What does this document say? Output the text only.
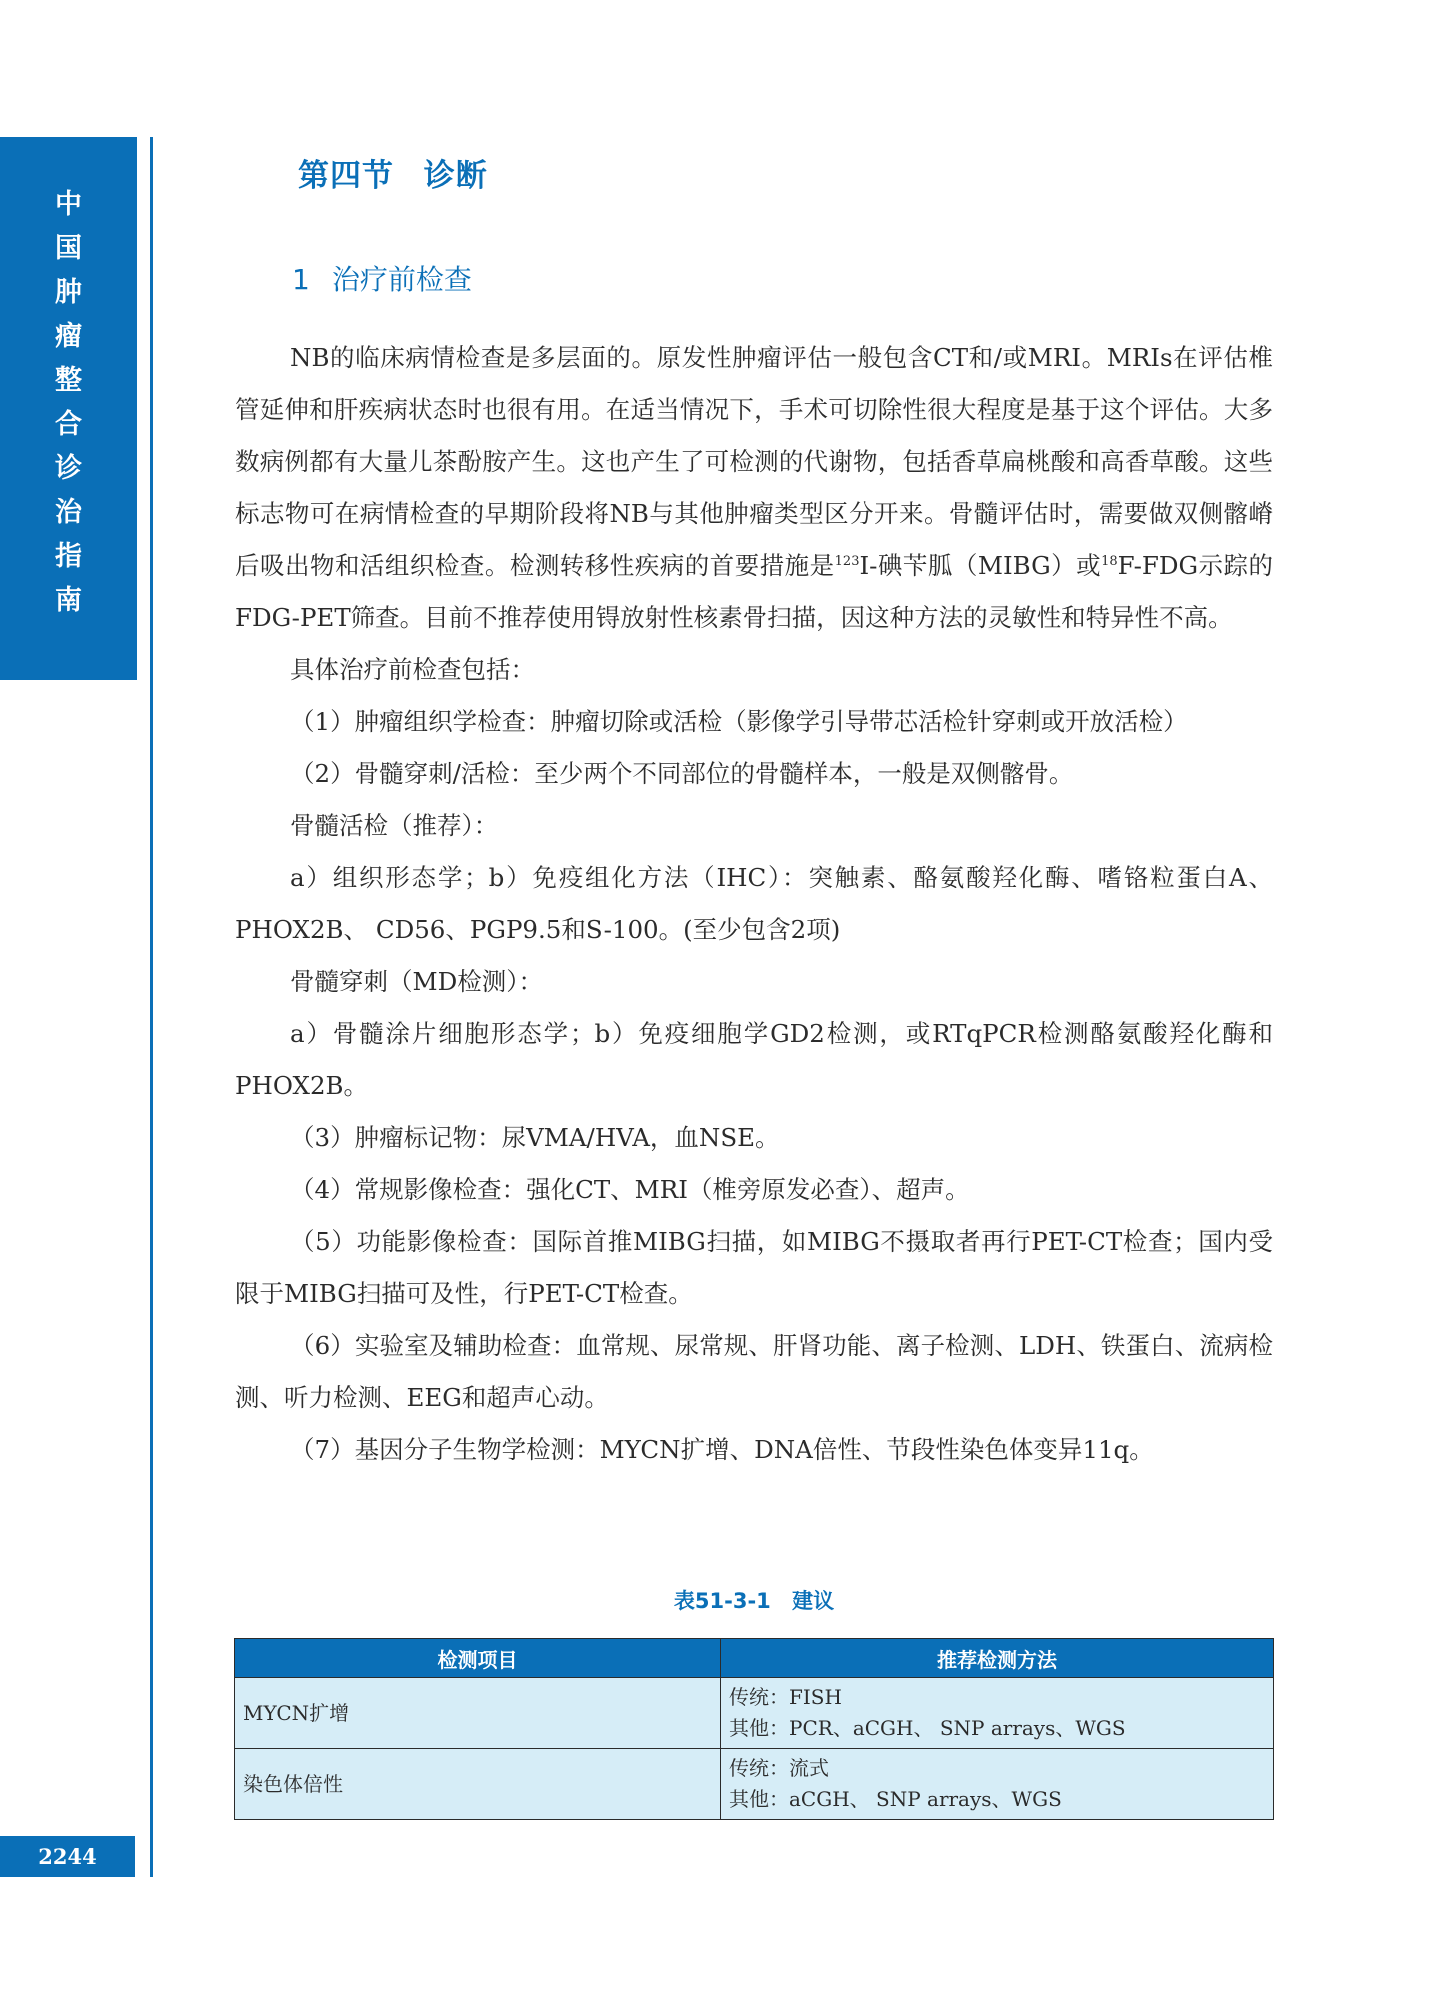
中
国
肿
瘤
整
合
诊
治
指
南
2244
第四节 诊断
1 治疗前检查

NB的临床病情检查是多层面的。原发性肿瘤评估一般包含CT和/或MRI。MRIs在评估椎管延伸和肝疾病状态时也很有用。在适当情况下，手术可切除性很大程度是基于这个评估。大多数病例都有大量儿茶酚胺产生。这也产生了可检测的代谢物，包括香草扁桃酸和高香草酸。这些标志物可在病情检查的早期阶段将NB与其他肿瘤类型区分开来。骨髓评估时，需要做双侧髂嵴后吸出物和活组织检查。检测转移性疾病的首要措施是$^{123}$I-碘苄胍（MIBG）或$^{18}$F-FDG示踪的FDG-PET筛查。目前不推荐使用锝放射性核素骨扫描，因这种方法的灵敏性和特异性不高。

具体治疗前检查包括：

（1）肿瘤组织学检查：肿瘤切除或活检（影像学引导带芯活检针穿刺或开放活检）

（2）骨髓穿刺/活检：至少两个不同部位的骨髓样本，一般是双侧髂骨。

骨髓活检（推荐）：

a）组织形态学；b）免疫组化方法（IHC）：突触素、酪氨酸羟化酶、嗜铬粒蛋白A、PHOX2B、 CD56、PGP9.5和S-100。(至少包含2项)

骨髓穿刺（MD检测）：

a）骨髓涂片细胞形态学；b）免疫细胞学GD2检测，或RTqPCR检测酪氨酸羟化酶和PHOX2B。

（3）肿瘤标记物：尿VMA/HVA，血NSE。

（4）常规影像检查：强化CT、MRI（椎旁原发必查）、超声。

（5）功能影像检查：国际首推MIBG扫描，如MIBG不摄取者再行PET-CT检查；国内受限于MIBG扫描可及性，行PET-CT检查。

（6）实验室及辅助检查：血常规、尿常规、肝肾功能、离子检测、LDH、铁蛋白、流病检测、听力检测、EEG和超声心动。

（7）基因分子生物学检测：MYCN扩增、DNA倍性、节段性染色体变异11q。

表51-3-1 建议
检测项目	推荐检测方法
MYCN扩增	传统：FISH
其他：PCR、aCGH、 SNP arrays、WGS

染色体倍性	传统：流式
其他：aCGH、 SNP arrays、WGS
